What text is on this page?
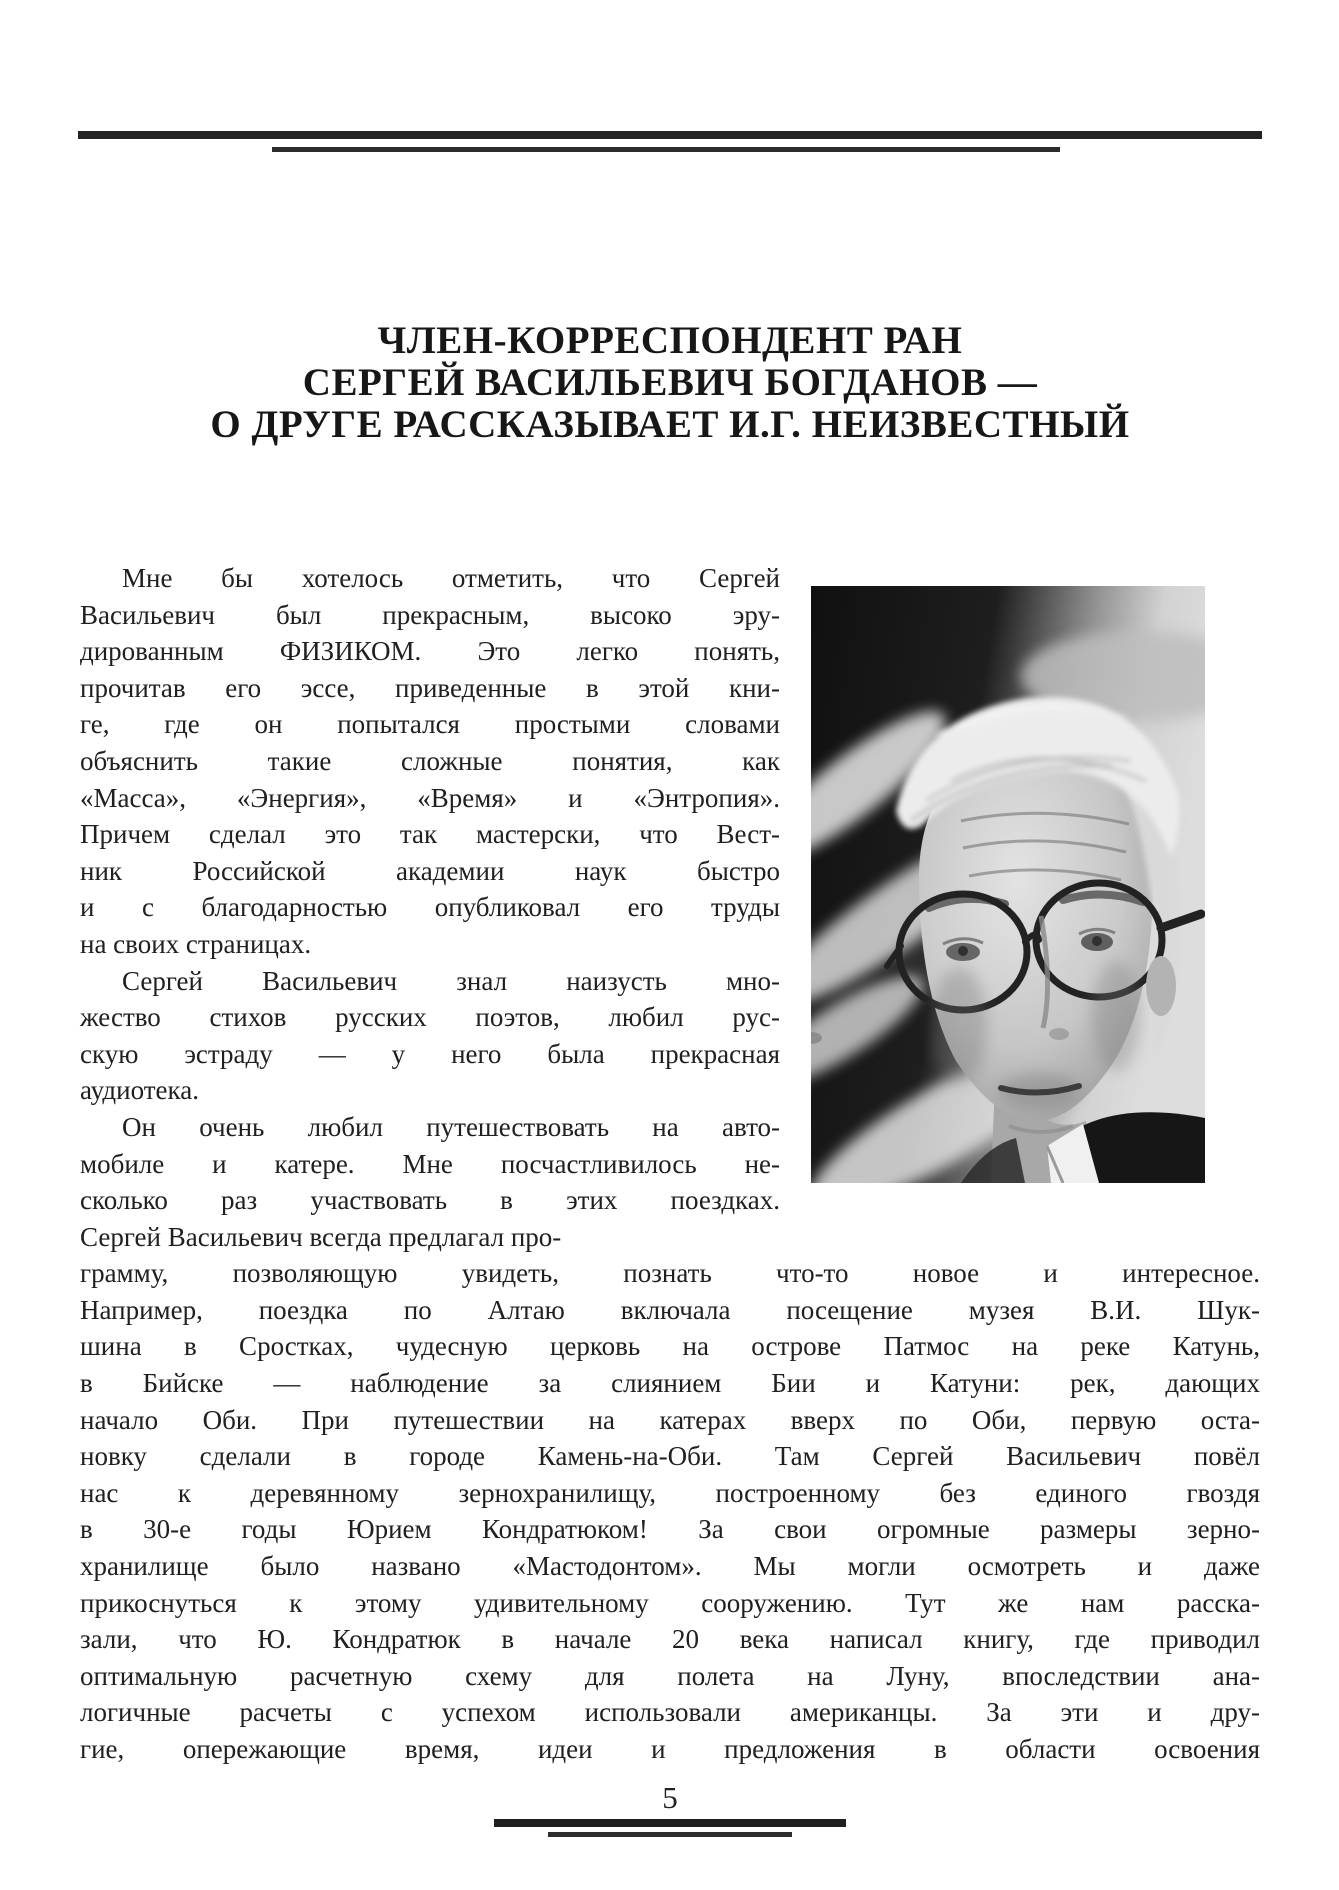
ЧЛЕН-КОРРЕСПОНДЕНТ РАН
СЕРГЕЙ ВАСИЛЬЕВИЧ БОГДАНОВ —
О ДРУГЕ РАССКАЗЫВАЕТ И.Г. НЕИЗВЕСТНЫЙ
Мне бы хотелось отметить, что Сергей
Васильевич был прекрасным, высоко эру-
дированным ФИЗИКОМ. Это легко понять,
прочитав его эссе, приведенные в этой кни-
ге, где он попытался простыми словами
объяснить такие сложные понятия, как
«Масса», «Энергия», «Время» и «Энтропия».
Причем сделал это так мастерски, что Вест-
ник Российской академии наук быстро
и с благодарностью опубликовал его труды
на своих страницах.
Сергей Васильевич знал наизусть мно-
жество стихов русских поэтов, любил рус-
скую эстраду — у него была прекрасная
аудиотека.
Он очень любил путешествовать на авто-
мобиле и катере. Мне посчастливилось не-
сколько раз участвовать в этих поездках.
Сергей Васильевич всегда предлагал про-
грамму, позволяющую увидеть, познать что-то новое и интересное.
Например, поездка по Алтаю включала посещение музея В.И. Шук-
шина в Сростках, чудесную церковь на острове Патмос на реке Катунь,
в Бийске — наблюдение за слиянием Бии и Катуни: рек, дающих
начало Оби. При путешествии на катерах вверх по Оби, первую оста-
новку сделали в городе Камень-на-Оби. Там Сергей Васильевич повёл
нас к деревянному зернохранилищу, построенному без единого гвоздя
в 30-е годы Юрием Кондратюком! За свои огромные размеры зерно-
хранилище было названо «Мастодонтом». Мы могли осмотреть и даже
прикоснуться к этому удивительному сооружению. Тут же нам расска-
зали, что Ю. Кондратюк в начале 20 века написал книгу, где приводил
оптимальную расчетную схему для полета на Луну, впоследствии ана-
логичные расчеты с успехом использовали американцы. За эти и дру-
гие, опережающие время, идеи и предложения в области освоения
5
